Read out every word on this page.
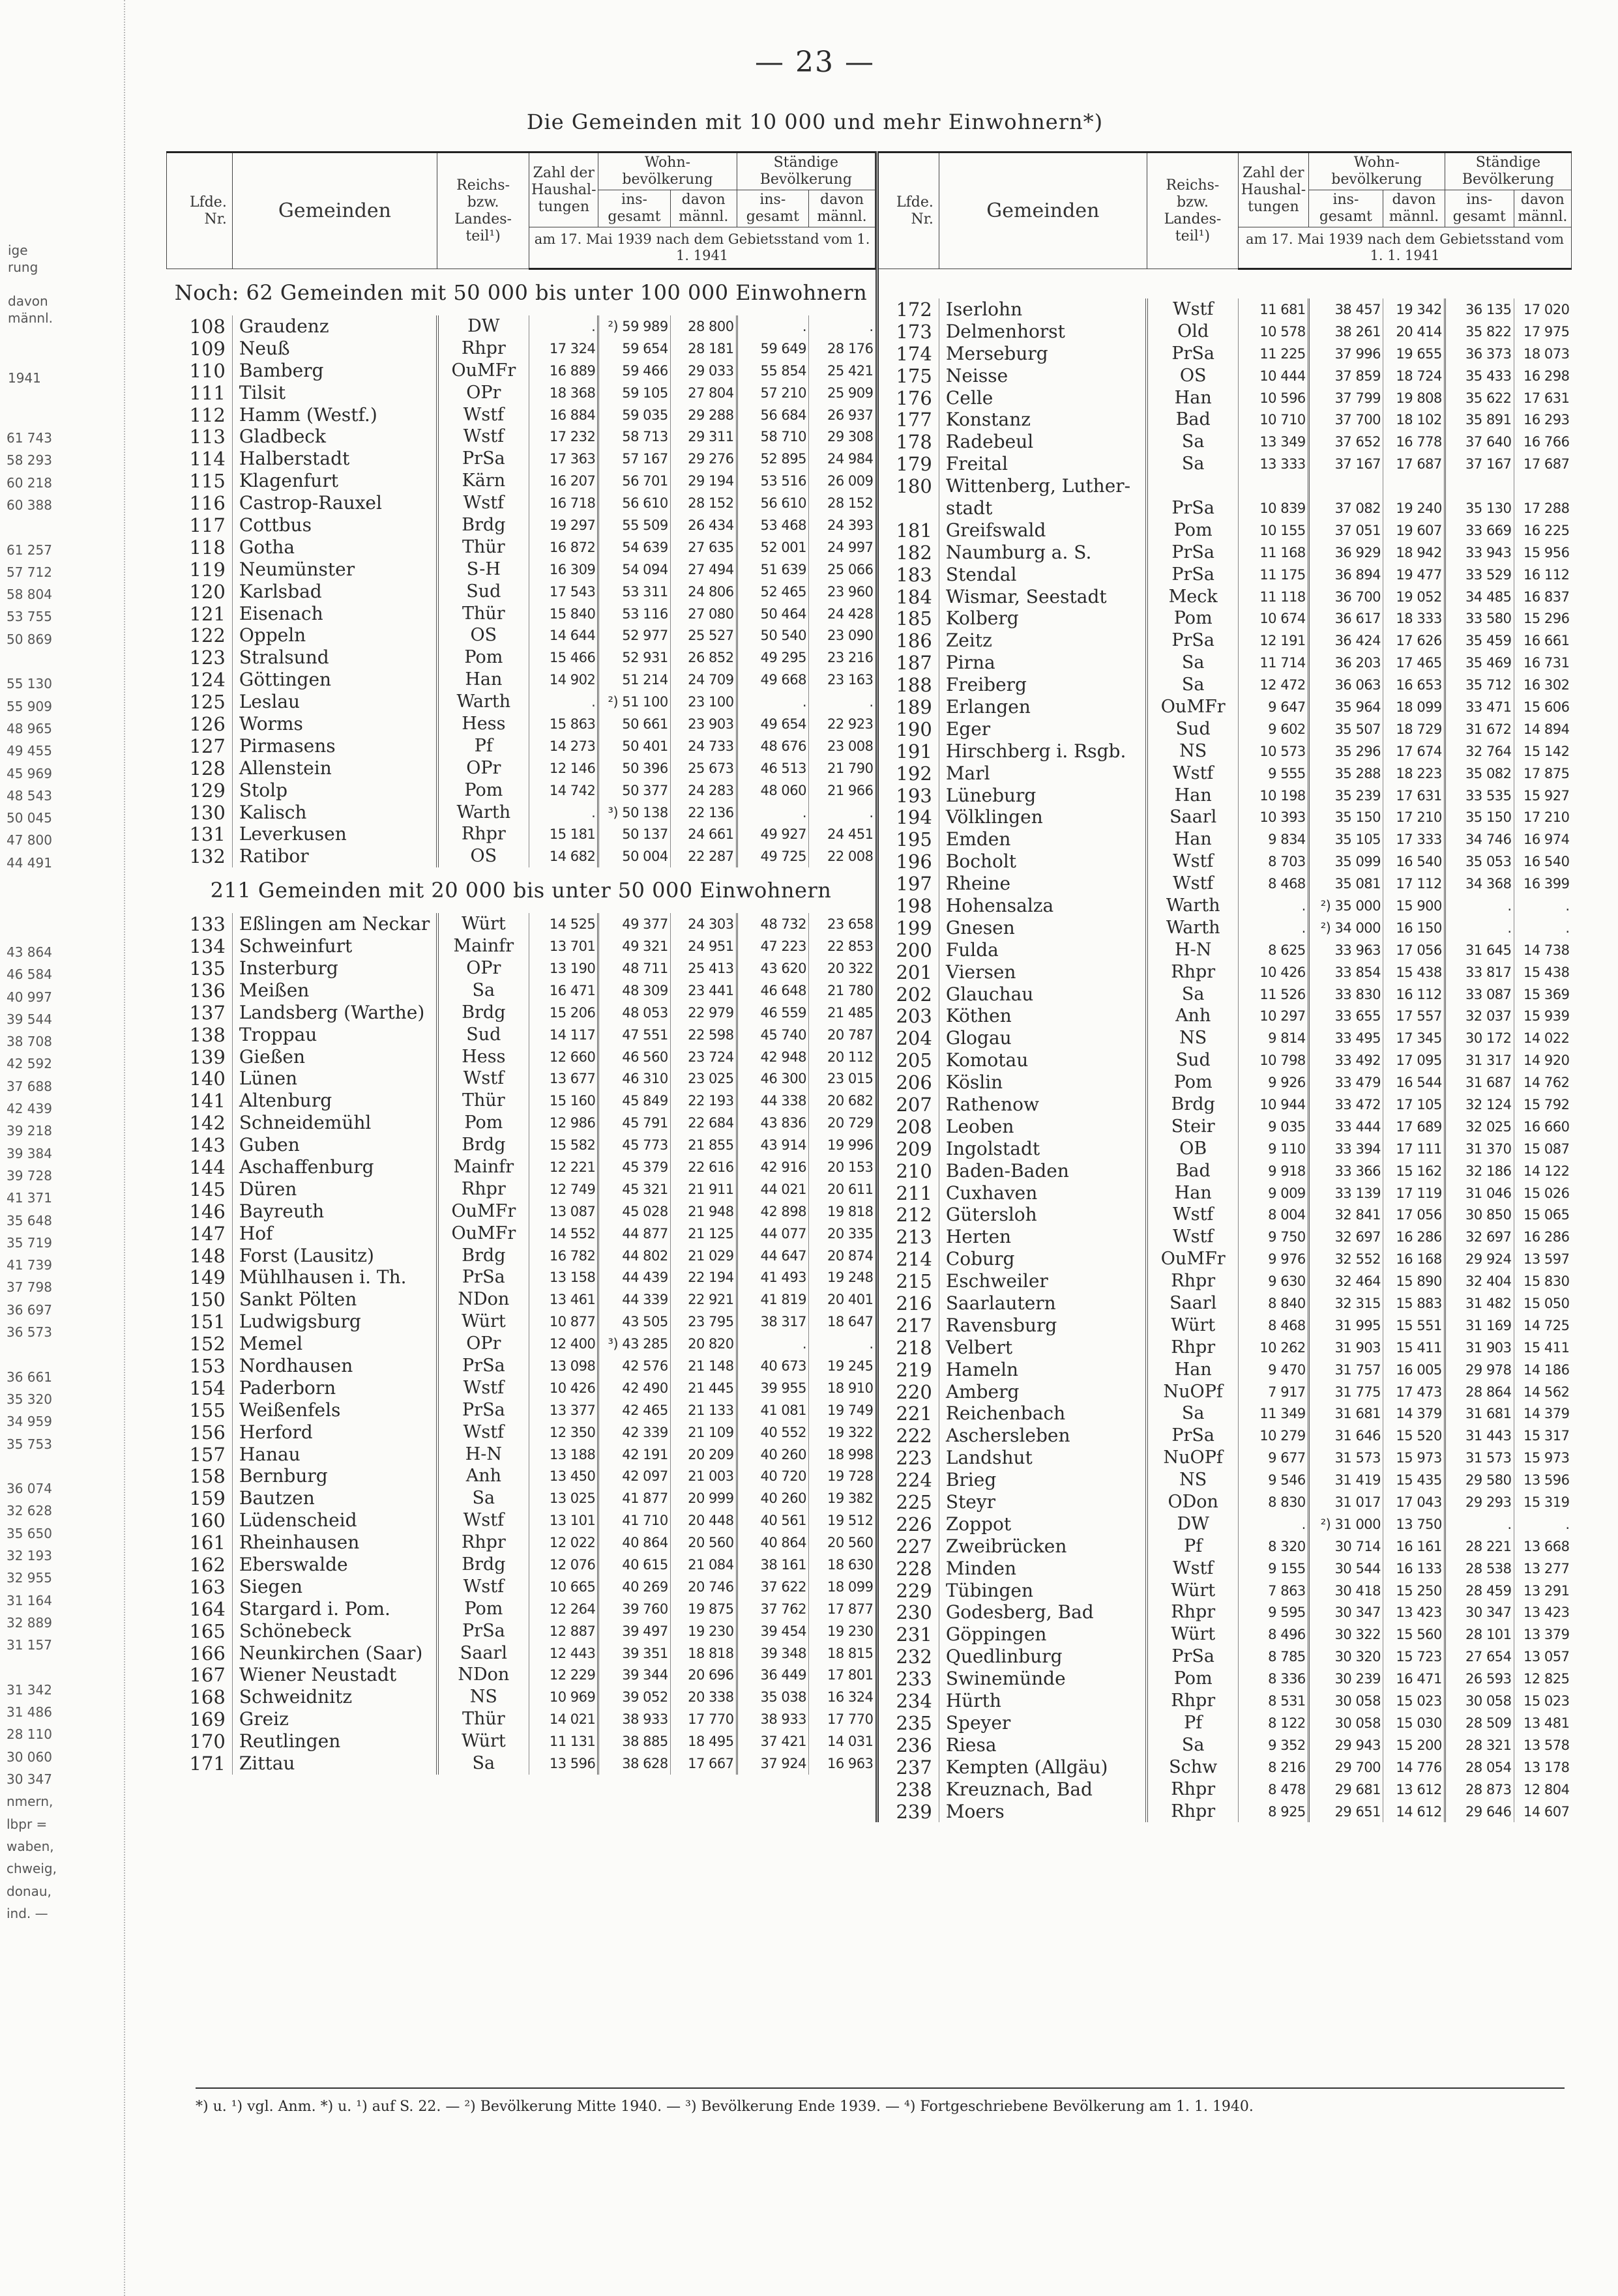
— 23 —
Die Gemeinden mit 10 000 und mehr Einwohnern*)
ige
rung
davon
männl.
1941
61 743
58 293
60 218
60 388
61 257
57 712
58 804
53 755
50 869
55 130
55 909
48 965
49 455
45 969
48 543
50 045
47 800
44 491
43 864
46 584
40 997
39 544
38 708
42 592
37 688
42 439
39 218
39 384
39 728
41 371
35 648
35 719
41 739
37 798
36 697
36 573
36 661
35 320
34 959
35 753
36 074
32 628
35 650
32 193
32 955
31 164
32 889
31 157
31 342
31 486
28 110
30 060
30 347
nmern,
lbpr =
waben,
chweig,
donau,
ind. —
Lfde. Nr.	Gemeinden	Reichs- bzw. Landes- teil¹)	Zahl der Haushal- tungen	Wohn- bevölkerung		Ständige Bevölkerung	
				ins- gesamt	davon männl.	ins- gesamt	davon männl.
			am 17. Mai 1939 nach dem Gebietsstand vom 1. 1. 1941				
Noch: 62 Gemeinden mit 50 000 bis unter 100 000 Einwohnern							
108	Graudenz	DW	.	²) 59 989	28 800	.	.
109	Neuß	Rhpr	17 324	59 654	28 181	59 649	28 176
110	Bamberg	OuMFr	16 889	59 466	29 033	55 854	25 421
111	Tilsit	OPr	18 368	59 105	27 804	57 210	25 909
112	Hamm (Westf.)	Wstf	16 884	59 035	29 288	56 684	26 937
113	Gladbeck	Wstf	17 232	58 713	29 311	58 710	29 308
114	Halberstadt	PrSa	17 363	57 167	29 276	52 895	24 984
115	Klagenfurt	Kärn	16 207	56 701	29 194	53 516	26 009
116	Castrop-Rauxel	Wstf	16 718	56 610	28 152	56 610	28 152
117	Cottbus	Brdg	19 297	55 509	26 434	53 468	24 393
118	Gotha	Thür	16 872	54 639	27 635	52 001	24 997
119	Neumünster	S-H	16 309	54 094	27 494	51 639	25 066
120	Karlsbad	Sud	17 543	53 311	24 806	52 465	23 960
121	Eisenach	Thür	15 840	53 116	27 080	50 464	24 428
122	Oppeln	OS	14 644	52 977	25 527	50 540	23 090
123	Stralsund	Pom	15 466	52 931	26 852	49 295	23 216
124	Göttingen	Han	14 902	51 214	24 709	49 668	23 163
125	Leslau	Warth	.	²) 51 100	23 100	.	.
126	Worms	Hess	15 863	50 661	23 903	49 654	22 923
127	Pirmasens	Pf	14 273	50 401	24 733	48 676	23 008
128	Allenstein	OPr	12 146	50 396	25 673	46 513	21 790
129	Stolp	Pom	14 742	50 377	24 283	48 060	21 966
130	Kalisch	Warth	.	³) 50 138	22 136	.	.
131	Leverkusen	Rhpr	15 181	50 137	24 661	49 927	24 451
132	Ratibor	OS	14 682	50 004	22 287	49 725	22 008
211 Gemeinden mit 20 000 bis unter 50 000 Einwohnern							
133	Eßlingen am Neckar	Würt	14 525	49 377	24 303	48 732	23 658
134	Schweinfurt	Mainfr	13 701	49 321	24 951	47 223	22 853
135	Insterburg	OPr	13 190	48 711	25 413	43 620	20 322
136	Meißen	Sa	16 471	48 309	23 441	46 648	21 780
137	Landsberg (Warthe)	Brdg	15 206	48 053	22 979	46 559	21 485
138	Troppau	Sud	14 117	47 551	22 598	45 740	20 787
139	Gießen	Hess	12 660	46 560	23 724	42 948	20 112
140	Lünen	Wstf	13 677	46 310	23 025	46 300	23 015
141	Altenburg	Thür	15 160	45 849	22 193	44 338	20 682
142	Schneidemühl	Pom	12 986	45 791	22 684	43 836	20 729
143	Guben	Brdg	15 582	45 773	21 855	43 914	19 996
144	Aschaffenburg	Mainfr	12 221	45 379	22 616	42 916	20 153
145	Düren	Rhpr	12 749	45 321	21 911	44 021	20 611
146	Bayreuth	OuMFr	13 087	45 028	21 948	42 898	19 818
147	Hof	OuMFr	14 552	44 877	21 125	44 077	20 335
148	Forst (Lausitz)	Brdg	16 782	44 802	21 029	44 647	20 874
149	Mühlhausen i. Th.	PrSa	13 158	44 439	22 194	41 493	19 248
150	Sankt Pölten	NDon	13 461	44 339	22 921	41 819	20 401
151	Ludwigsburg	Würt	10 877	43 505	23 795	38 317	18 647
152	Memel	OPr	12 400	³) 43 285	20 820	.	.
153	Nordhausen	PrSa	13 098	42 576	21 148	40 673	19 245
154	Paderborn	Wstf	10 426	42 490	21 445	39 955	18 910
155	Weißenfels	PrSa	13 377	42 465	21 133	41 081	19 749
156	Herford	Wstf	12 350	42 339	21 109	40 552	19 322
157	Hanau	H-N	13 188	42 191	20 209	40 260	18 998
158	Bernburg	Anh	13 450	42 097	21 003	40 720	19 728
159	Bautzen	Sa	13 025	41 877	20 999	40 260	19 382
160	Lüdenscheid	Wstf	13 101	41 710	20 448	40 561	19 512
161	Rheinhausen	Rhpr	12 022	40 864	20 560	40 864	20 560
162	Eberswalde	Brdg	12 076	40 615	21 084	38 161	18 630
163	Siegen	Wstf	10 665	40 269	20 746	37 622	18 099
164	Stargard i. Pom.	Pom	12 264	39 760	19 875	37 762	17 877
165	Schönebeck	PrSa	12 887	39 497	19 230	39 454	19 230
166	Neunkirchen (Saar)	Saarl	12 443	39 351	18 818	39 348	18 815
167	Wiener Neustadt	NDon	12 229	39 344	20 696	36 449	17 801
168	Schweidnitz	NS	10 969	39 052	20 338	35 038	16 324
169	Greiz	Thür	14 021	38 933	17 770	38 933	17 770
170	Reutlingen	Würt	11 131	38 885	18 495	37 421	14 031
171	Zittau	Sa	13 596	38 628	17 667	37 924	16 963
Lfde. Nr.	Gemeinden	Reichs- bzw. Landes- teil¹)	Zahl der Haushal- tungen	Wohn- bevölkerung		Ständige Bevölkerung	
				ins- gesamt	davon männl.	ins- gesamt	davon männl.
			am 17. Mai 1939 nach dem Gebietsstand vom 1. 1. 1941				

172	Iserlohn	Wstf	11 681	38 457	19 342	36 135	17 020
173	Delmenhorst	Old	10 578	38 261	20 414	35 822	17 975
174	Merseburg	PrSa	11 225	37 996	19 655	36 373	18 073
175	Neisse	OS	10 444	37 859	18 724	35 433	16 298
176	Celle	Han	10 596	37 799	19 808	35 622	17 631
177	Konstanz	Bad	10 710	37 700	18 102	35 891	16 293
178	Radebeul	Sa	13 349	37 652	16 778	37 640	16 766
179	Freital	Sa	13 333	37 167	17 687	37 167	17 687
180	Wittenberg, Luther-						
	stadt	PrSa	10 839	37 082	19 240	35 130	17 288
181	Greifswald	Pom	10 155	37 051	19 607	33 669	16 225
182	Naumburg a. S.	PrSa	11 168	36 929	18 942	33 943	15 956
183	Stendal	PrSa	11 175	36 894	19 477	33 529	16 112
184	Wismar, Seestadt	Meck	11 118	36 700	19 052	34 485	16 837
185	Kolberg	Pom	10 674	36 617	18 333	33 580	15 296
186	Zeitz	PrSa	12 191	36 424	17 626	35 459	16 661
187	Pirna	Sa	11 714	36 203	17 465	35 469	16 731
188	Freiberg	Sa	12 472	36 063	16 653	35 712	16 302
189	Erlangen	OuMFr	9 647	35 964	18 099	33 471	15 606
190	Eger	Sud	9 602	35 507	18 729	31 672	14 894
191	Hirschberg i. Rsgb.	NS	10 573	35 296	17 674	32 764	15 142
192	Marl	Wstf	9 555	35 288	18 223	35 082	17 875
193	Lüneburg	Han	10 198	35 239	17 631	33 535	15 927
194	Völklingen	Saarl	10 393	35 150	17 210	35 150	17 210
195	Emden	Han	9 834	35 105	17 333	34 746	16 974
196	Bocholt	Wstf	8 703	35 099	16 540	35 053	16 540
197	Rheine	Wstf	8 468	35 081	17 112	34 368	16 399
198	Hohensalza	Warth	.	²) 35 000	15 900	.	.
199	Gnesen	Warth	.	²) 34 000	16 150	.	.
200	Fulda	H-N	8 625	33 963	17 056	31 645	14 738
201	Viersen	Rhpr	10 426	33 854	15 438	33 817	15 438
202	Glauchau	Sa	11 526	33 830	16 112	33 087	15 369
203	Köthen	Anh	10 297	33 655	17 557	32 037	15 939
204	Glogau	NS	9 814	33 495	17 345	30 172	14 022
205	Komotau	Sud	10 798	33 492	17 095	31 317	14 920
206	Köslin	Pom	9 926	33 479	16 544	31 687	14 762
207	Rathenow	Brdg	10 944	33 472	17 105	32 124	15 792
208	Leoben	Steir	9 035	33 444	17 689	32 025	16 660
209	Ingolstadt	OB	9 110	33 394	17 111	31 370	15 087
210	Baden-Baden	Bad	9 918	33 366	15 162	32 186	14 122
211	Cuxhaven	Han	9 009	33 139	17 119	31 046	15 026
212	Gütersloh	Wstf	8 004	32 841	17 056	30 850	15 065
213	Herten	Wstf	9 750	32 697	16 286	32 697	16 286
214	Coburg	OuMFr	9 976	32 552	16 168	29 924	13 597
215	Eschweiler	Rhpr	9 630	32 464	15 890	32 404	15 830
216	Saarlautern	Saarl	8 840	32 315	15 883	31 482	15 050
217	Ravensburg	Würt	8 468	31 995	15 551	31 169	14 725
218	Velbert	Rhpr	10 262	31 903	15 411	31 903	15 411
219	Hameln	Han	9 470	31 757	16 005	29 978	14 186
220	Amberg	NuOPf	7 917	31 775	17 473	28 864	14 562
221	Reichenbach	Sa	11 349	31 681	14 379	31 681	14 379
222	Aschersleben	PrSa	10 279	31 646	15 520	31 443	15 317
223	Landshut	NuOPf	9 677	31 573	15 973	31 573	15 973
224	Brieg	NS	9 546	31 419	15 435	29 580	13 596
225	Steyr	ODon	8 830	31 017	17 043	29 293	15 319
226	Zoppot	DW	.	²) 31 000	13 750	.	.
227	Zweibrücken	Pf	8 320	30 714	16 161	28 221	13 668
228	Minden	Wstf	9 155	30 544	16 133	28 538	13 277
229	Tübingen	Würt	7 863	30 418	15 250	28 459	13 291
230	Godesberg, Bad	Rhpr	9 595	30 347	13 423	30 347	13 423
231	Göppingen	Würt	8 496	30 322	15 560	28 101	13 379
232	Quedlinburg	PrSa	8 785	30 320	15 723	27 654	13 057
233	Swinemünde	Pom	8 336	30 239	16 471	26 593	12 825
234	Hürth	Rhpr	8 531	30 058	15 023	30 058	15 023
235	Speyer	Pf	8 122	30 058	15 030	28 509	13 481
236	Riesa	Sa	9 352	29 943	15 200	28 321	13 578
237	Kempten (Allgäu)	Schw	8 216	29 700	14 776	28 054	13 178
238	Kreuznach, Bad	Rhpr	8 478	29 681	13 612	28 873	12 804
239	Moers	Rhpr	8 925	29 651	14 612	29 646	14 607
*) u. ¹) vgl. Anm. *) u. ¹) auf S. 22. — ²) Bevölkerung Mitte 1940. — ³) Bevölkerung Ende 1939. — ⁴) Fortgeschriebene Bevölkerung am 1. 1. 1940.
